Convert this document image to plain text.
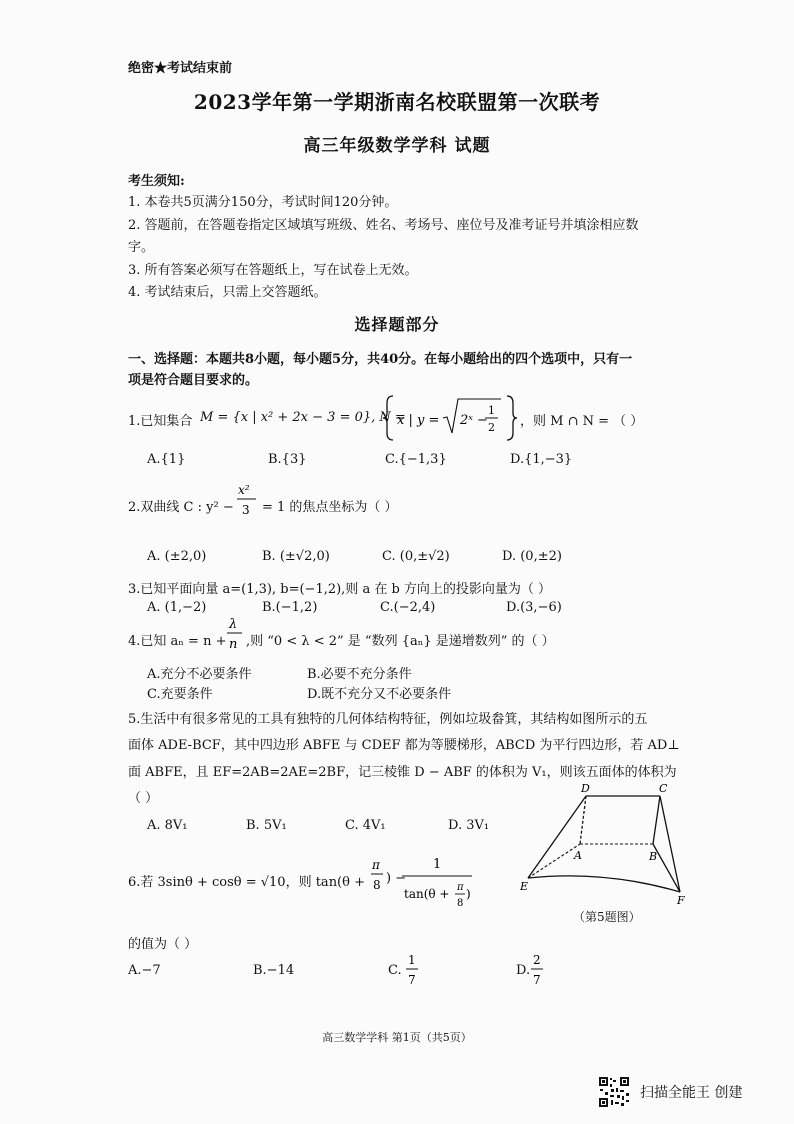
绝密★考试结束前
2023学年第一学期浙南名校联盟第一次联考
高三年级数学学科 试题
考生须知:
1. 本卷共5页满分150分，考试时间120分钟。
2. 答题前，在答题卷指定区域填写班级、姓名、考场号、座位号及准考证号并填涂相应数
字。
3. 所有答案必须写在答题纸上，写在试卷上无效。
4. 考试结束后，只需上交答题纸。
选择题部分
一、选择题：本题共8小题，每小题5分，共40分。在每小题给出的四个选项中，只有一
项是符合题目要求的。
1.已知集合 M = {x | x² + 2x − 3 = 0}, N =
x | y = 2ˣ −
1
2 ，则 M ∩ N = （ ）
A.{1}	B.{3}	C.{−1,3}	D.{1,−3}
2.双曲线 C : y² −
x²
3 = 1 的焦点坐标为（ ）
A. (±2,0)	B. (±√2,0)	C. (0,±√2)	D. (0,±2)
3.已知平面向量 a=(1,3), b=(−1,2),则 a 在 b 方向上的投影向量为（ ）
A. (1,−2)	B.(−1,2)	C.(−2,4)	D.(3,−6)
4.已知 aₙ = n +
λ
n ,则 “0 < λ < 2” 是 “数列 {aₙ} 是递增数列” 的（ ）
A.充分不必要条件	B.必要不充分条件
C.充要条件	D.既不充分又不必要条件
5.生活中有很多常见的工具有独特的几何体结构特征，例如垃圾畚箕，其结构如图所示的五
面体 ADE-BCF，其中四边形 ABFE 与 CDEF 都为等腰梯形，ABCD 为平行四边形，若 AD⊥
面 ABFE，且 EF=2AB=2AE=2BF，记三棱锥 D − ABF 的体积为 V₁，则该五面体的体积为
（ ）
A. 8V₁	B. 5V₁	C. 4V₁	D. 3V₁
D	C
A	B
E
F
（第5题图）
6.若 3sinθ + cosθ = √10，则 tan(θ +
π
8 ) −
1
tan(θ + π
8
)
的值为（ ）
A.−7	B.−14	C.
1
7
D.
2
7
高三数学学科 第1页（共5页）
扫描全能王 创建
